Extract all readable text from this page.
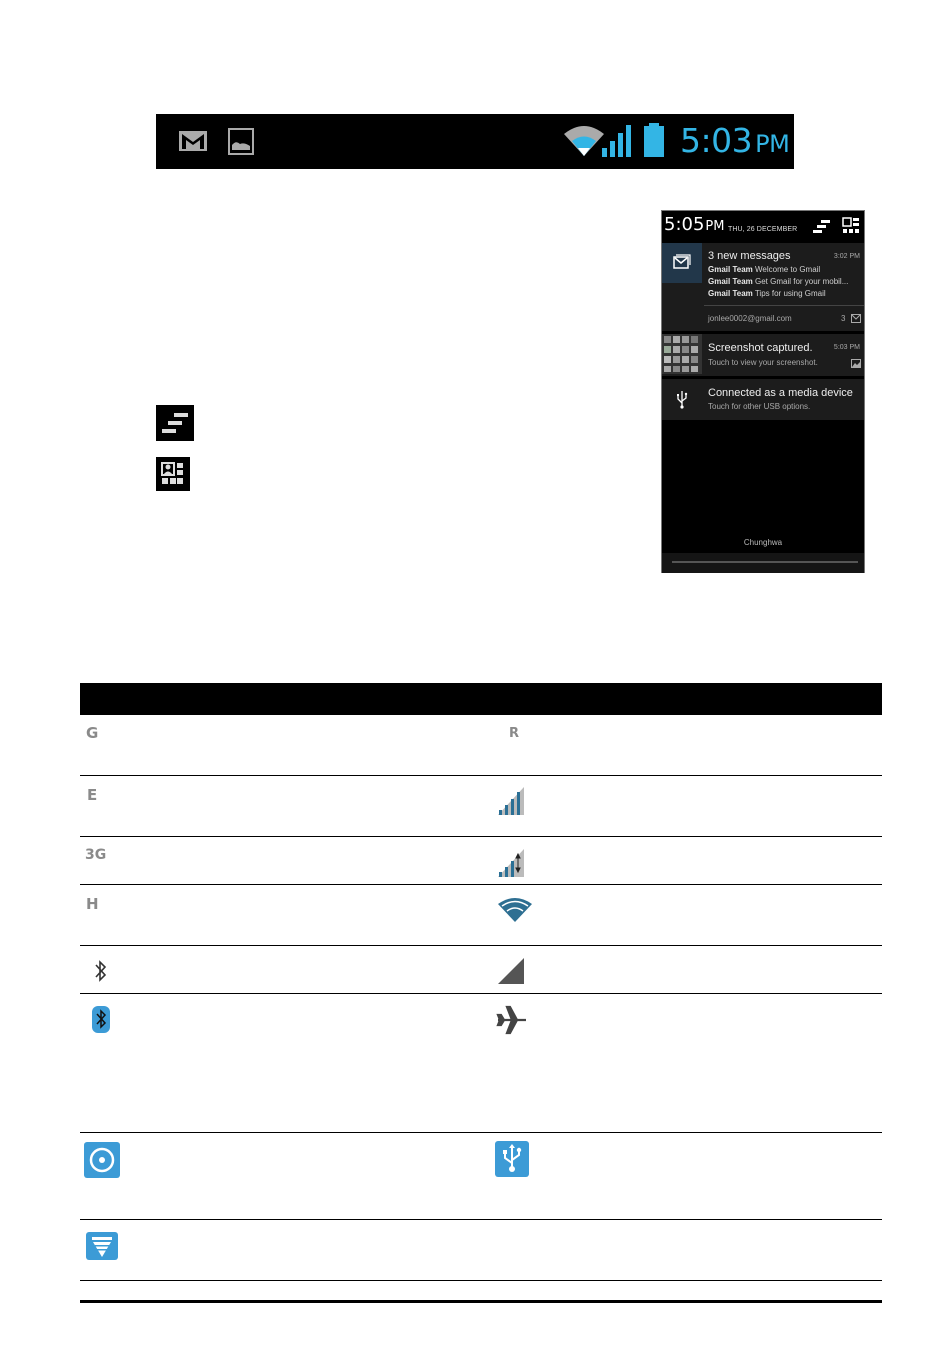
5:03 PM
5:05PM THU, 26 DECEMBER
3 new messages	3:02 PM
Gmail Team Welcome to Gmail
Gmail Team Get Gmail for your mobil...
Gmail Team Tips for using Gmail
jonlee0002@gmail.com	3
Screenshot captured.	5:03 PM
Touch to view your screenshot.
Connected as a media device
Touch for other USB options.
Chunghwa
G	R
E
3G
H
